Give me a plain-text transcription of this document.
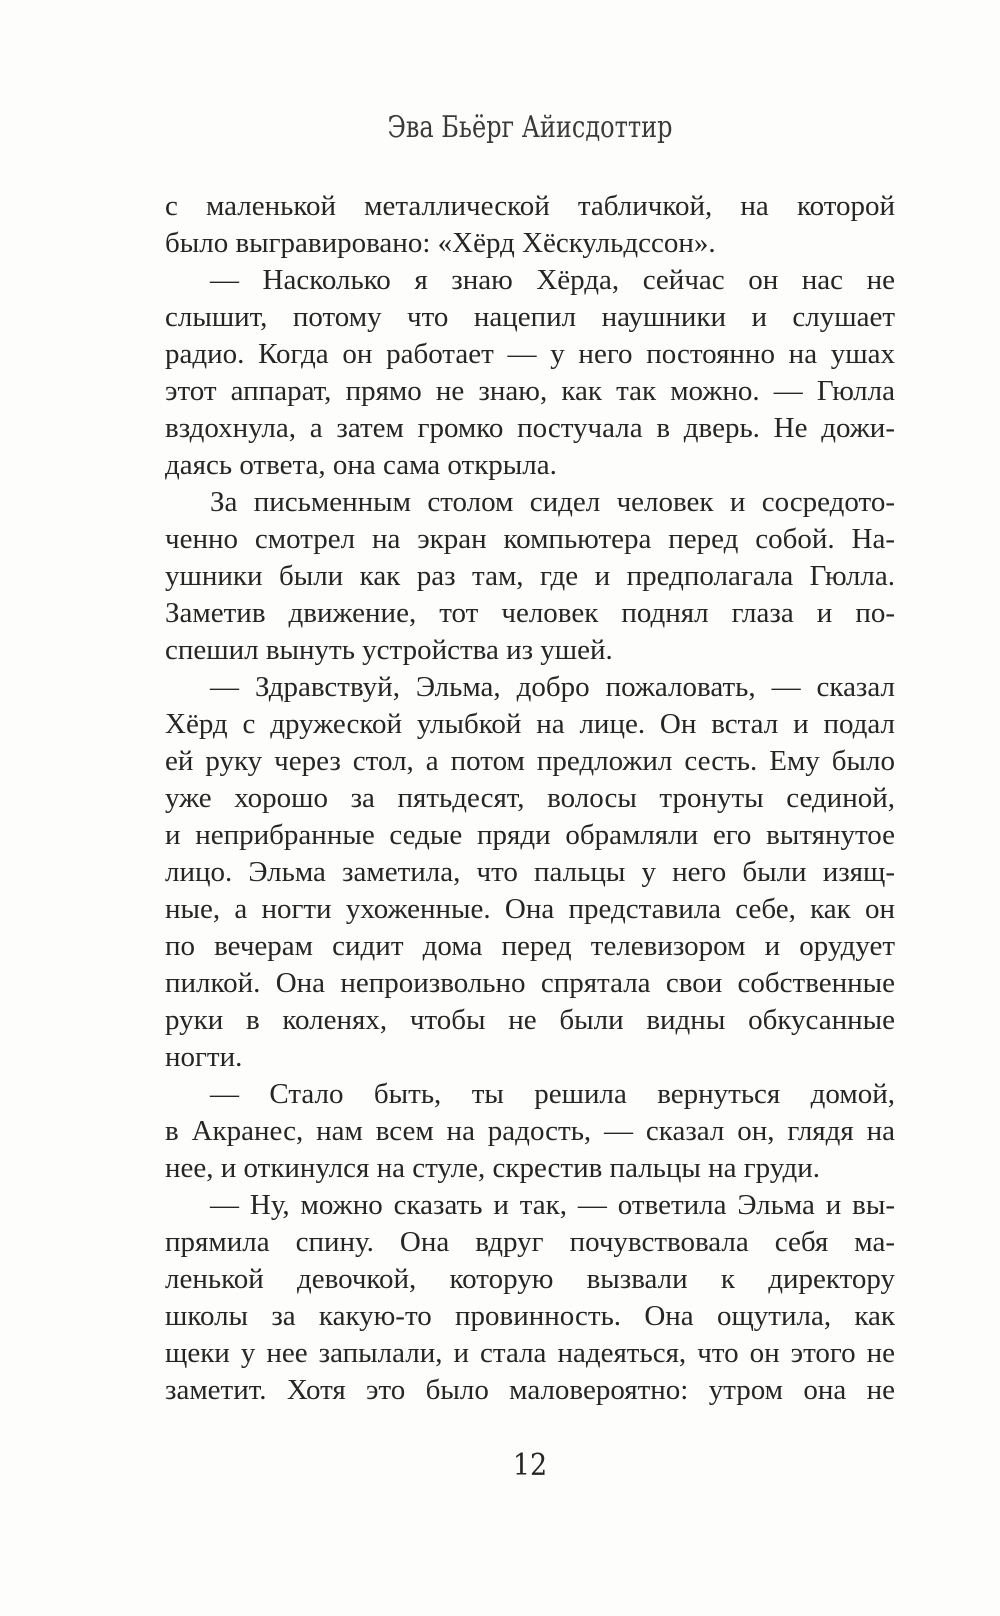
Эва Бьёрг Айисдоттир
с маленькой металлической табличкой, на которой
было выгравировано: «Хёрд Хёскульдссон».
— Насколько я знаю Хёрда, сейчас он нас не
слышит, потому что нацепил наушники и слушает
радио. Когда он работает — у него постоянно на ушах
этот аппарат, прямо не знаю, как так можно. — Гюлла
вздохнула, а затем громко постучала в дверь. Не дожи-
даясь ответа, она сама открыла.
За письменным столом сидел человек и сосредото-
ченно смотрел на экран компьютера перед собой. На-
ушники были как раз там, где и предполагала Гюлла.
Заметив движение, тот человек поднял глаза и по-
спешил вынуть устройства из ушей.
— Здравствуй, Эльма, добро пожаловать, — сказал
Хёрд с дружеской улыбкой на лице. Он встал и подал
ей руку через стол, а потом предложил сесть. Ему было
уже хорошо за пятьдесят, волосы тронуты сединой,
и неприбранные седые пряди обрамляли его вытянутое
лицо. Эльма заметила, что пальцы у него были изящ-
ные, а ногти ухоженные. Она представила себе, как он
по вечерам сидит дома перед телевизором и орудует
пилкой. Она непроизвольно спрятала свои собственные
руки в коленях, чтобы не были видны обкусанные
ногти.
— Стало быть, ты решила вернуться домой,
в Акранес, нам всем на радость, — сказал он, глядя на
нее, и откинулся на стуле, скрестив пальцы на груди.
— Ну, можно сказать и так, — ответила Эльма и вы-
прямила спину. Она вдруг почувствовала себя ма-
ленькой девочкой, которую вызвали к директору
школы за какую-то провинность. Она ощутила, как
щеки у нее запылали, и стала надеяться, что он этого не
заметит. Хотя это было маловероятно: утром она не
12
